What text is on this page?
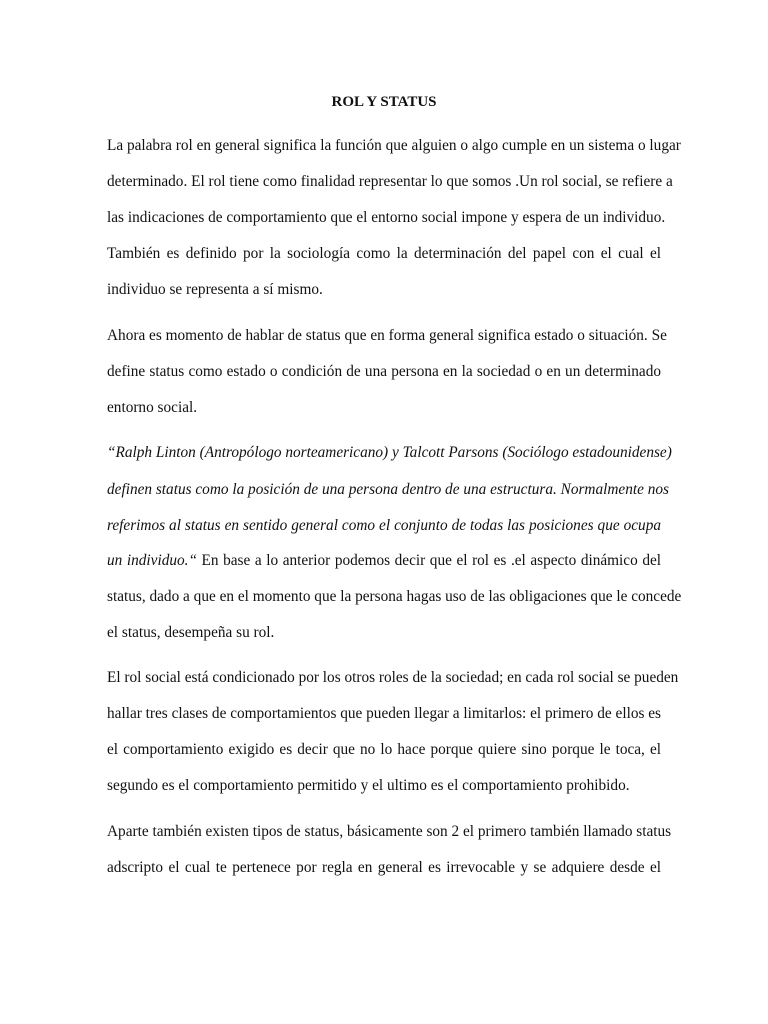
ROL Y STATUS
La palabra rol en general significa la función que alguien o algo cumple en un sistema o lugar
determinado. El rol tiene como finalidad representar lo que somos .Un rol social, se refiere a
las indicaciones de comportamiento que el entorno social impone y espera de un individuo.
También es definido por la sociología como la determinación del papel con el cual el
individuo se representa a sí mismo.
Ahora es momento de hablar de status que en forma general significa estado o situación. Se
define status como estado o condición de una persona en la sociedad o en un determinado
entorno social.
“Ralph Linton (Antropólogo norteamericano) y Talcott Parsons (Sociólogo estadounidense)
definen status como la posición de una persona dentro de una estructura. Normalmente nos
referimos al status en sentido general como el conjunto de todas las posiciones que ocupa
un individuo.“ En base a lo anterior podemos decir que el rol es .el aspecto dinámico del
status, dado a que en el momento que la persona hagas uso de las obligaciones que le concede
el status, desempeña su rol.
El rol social está condicionado por los otros roles de la sociedad; en cada rol social se pueden
hallar tres clases de comportamientos que pueden llegar a limitarlos: el primero de ellos es
el comportamiento exigido es decir que no lo hace porque quiere sino porque le toca, el
segundo es el comportamiento permitido y el ultimo es el comportamiento prohibido.
Aparte también existen tipos de status, básicamente son 2 el primero también llamado status
adscripto el cual te pertenece por regla en general es irrevocable y se adquiere desde el
